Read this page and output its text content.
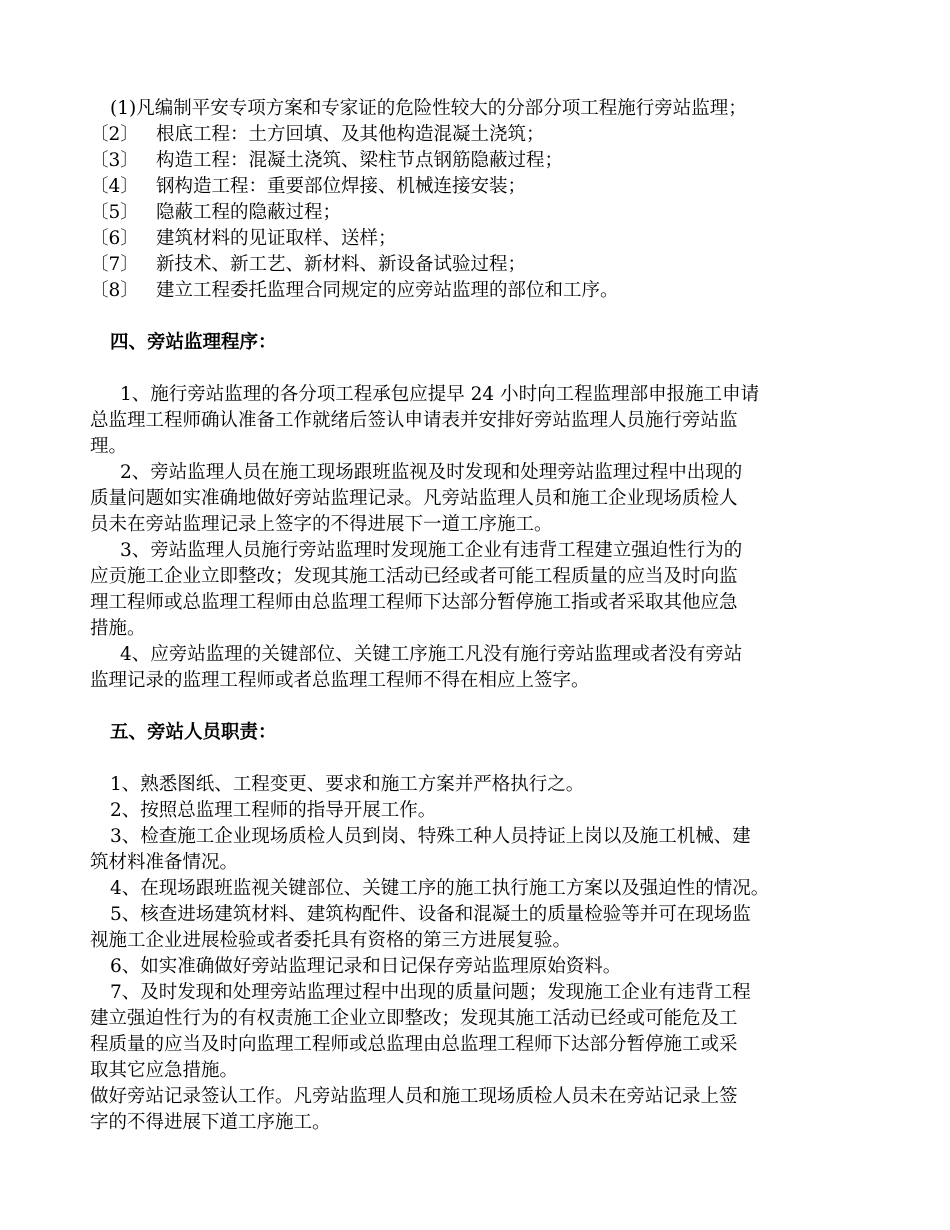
(1)凡编制平安专项方案和专家证的危险性较大的分部分项工程施行旁站监理；
〔2〕 根底工程：土方回填、及其他构造混凝土浇筑；
〔3〕 构造工程：混凝土浇筑、梁柱节点钢筋隐蔽过程；
〔4〕 钢构造工程：重要部位焊接、机械连接安装；
〔5〕 隐蔽工程的隐蔽过程；
〔6〕 建筑材料的见证取样、送样；
〔7〕 新技术、新工艺、新材料、新设备试验过程；
〔8〕 建立工程委托监理合同规定的应旁站监理的部位和工序。
四、旁站监理程序：
1、施行旁站监理的各分项工程承包应提早 24 小时向工程监理部申报施工申请
总监理工程师确认准备工作就绪后签认申请表并安排好旁站监理人员施行旁站监
理。
2、旁站监理人员在施工现场跟班监视及时发现和处理旁站监理过程中出现的
质量问题如实准确地做好旁站监理记录。凡旁站监理人员和施工企业现场质检人
员未在旁站监理记录上签字的不得进展下一道工序施工。
3、旁站监理人员施行旁站监理时发现施工企业有违背工程建立强迫性行为的
应贡施工企业立即整改；发现其施工活动已经或者可能工程质量的应当及时向监
理工程师或总监理工程师由总监理工程师下达部分暂停施工指或者采取其他应急
措施。
4、应旁站监理的关键部位、关键工序施工凡没有施行旁站监理或者没有旁站
监理记录的监理工程师或者总监理工程师不得在相应上签字。
五、旁站人员职责：
1、熟悉图纸、工程变更、要求和施工方案并严格执行之。
2、按照总监理工程师的指导开展工作。
3、检查施工企业现场质检人员到岗、特殊工种人员持证上岗以及施工机械、建
筑材料准备情况。
4、在现场跟班监视关键部位、关键工序的施工执行施工方案以及强迫性的情况。
5、核查进场建筑材料、建筑构配件、设备和混凝土的质量检验等并可在现场监
视施工企业进展检验或者委托具有资格的第三方进展复验。
6、如实准确做好旁站监理记录和日记保存旁站监理原始资料。
7、及时发现和处理旁站监理过程中出现的质量问题；发现施工企业有违背工程
建立强迫性行为的有权责施工企业立即整改；发现其施工活动已经或可能危及工
程质量的应当及时向监理工程师或总监理由总监理工程师下达部分暂停施工或采
取其它应急措施。
做好旁站记录签认工作。凡旁站监理人员和施工现场质检人员未在旁站记录上签
字的不得进展下道工序施工。
